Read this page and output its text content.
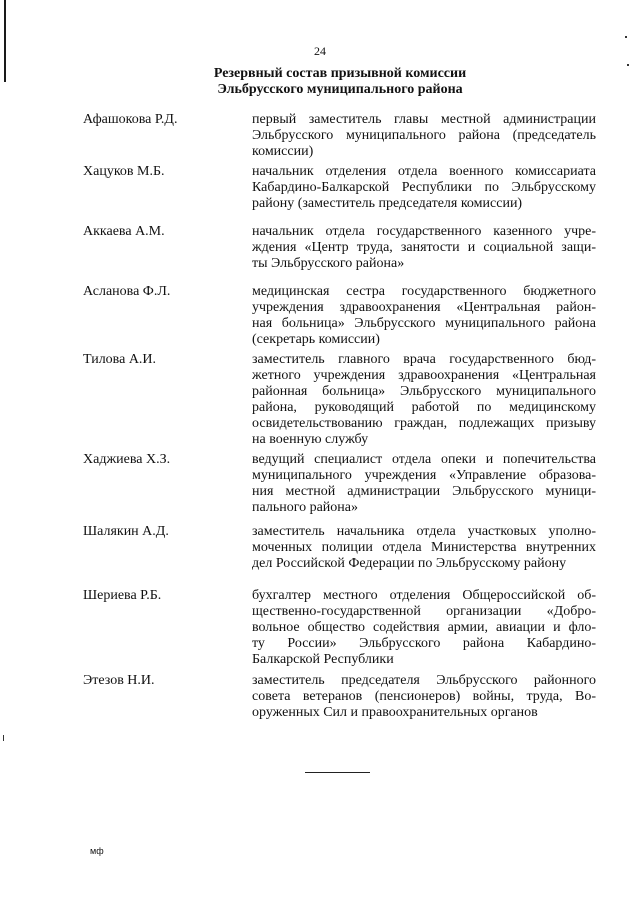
24
Резервный состав призывной комиссии
Эльбрусского муниципального района
Афашокова Р.Д.	первый заместитель главы местной администрации
Эльбрусского муниципального района (председатель
комиссии)
Хацуков М.Б.	начальник отделения отдела военного комиссариата
Кабардино-Балкарской Республики по Эльбрусскому
району (заместитель председателя комиссии)
Аккаева А.М.	начальник отдела государственного казенного учре-
ждения «Центр труда, занятости и социальной защи-
ты Эльбрусского района»
Асланова Ф.Л.	медицинская сестра государственного бюджетного
учреждения здравоохранения «Центральная район-
ная больница» Эльбрусского муниципального района
(секретарь комиссии)
Тилова А.И.	заместитель главного врача государственного бюд-
жетного учреждения здравоохранения «Центральная
районная больница» Эльбрусского муниципального
района, руководящий работой по медицинскому
освидетельствованию граждан, подлежащих призыву
на военную службу
Хаджиева Х.З.	ведущий специалист отдела опеки и попечительства
муниципального учреждения «Управление образова-
ния местной администрации Эльбрусского муници-
пального района»
Шалякин А.Д.	заместитель начальника отдела участковых уполно-
моченных полиции отдела Министерства внутренних
дел Российской Федерации по Эльбрусскому району
Шериева Р.Б.	бухгалтер местного отделения Общероссийской об-
щественно-государственной организации «Добро-
вольное общество содействия армии, авиации и фло-
ту России» Эльбрусского района Кабардино-
Балкарской Республики
Этезов Н.И.	заместитель председателя Эльбрусского районного
совета ветеранов (пенсионеров) войны, труда, Во-
оруженных Сил и правоохранительных органов
мф
